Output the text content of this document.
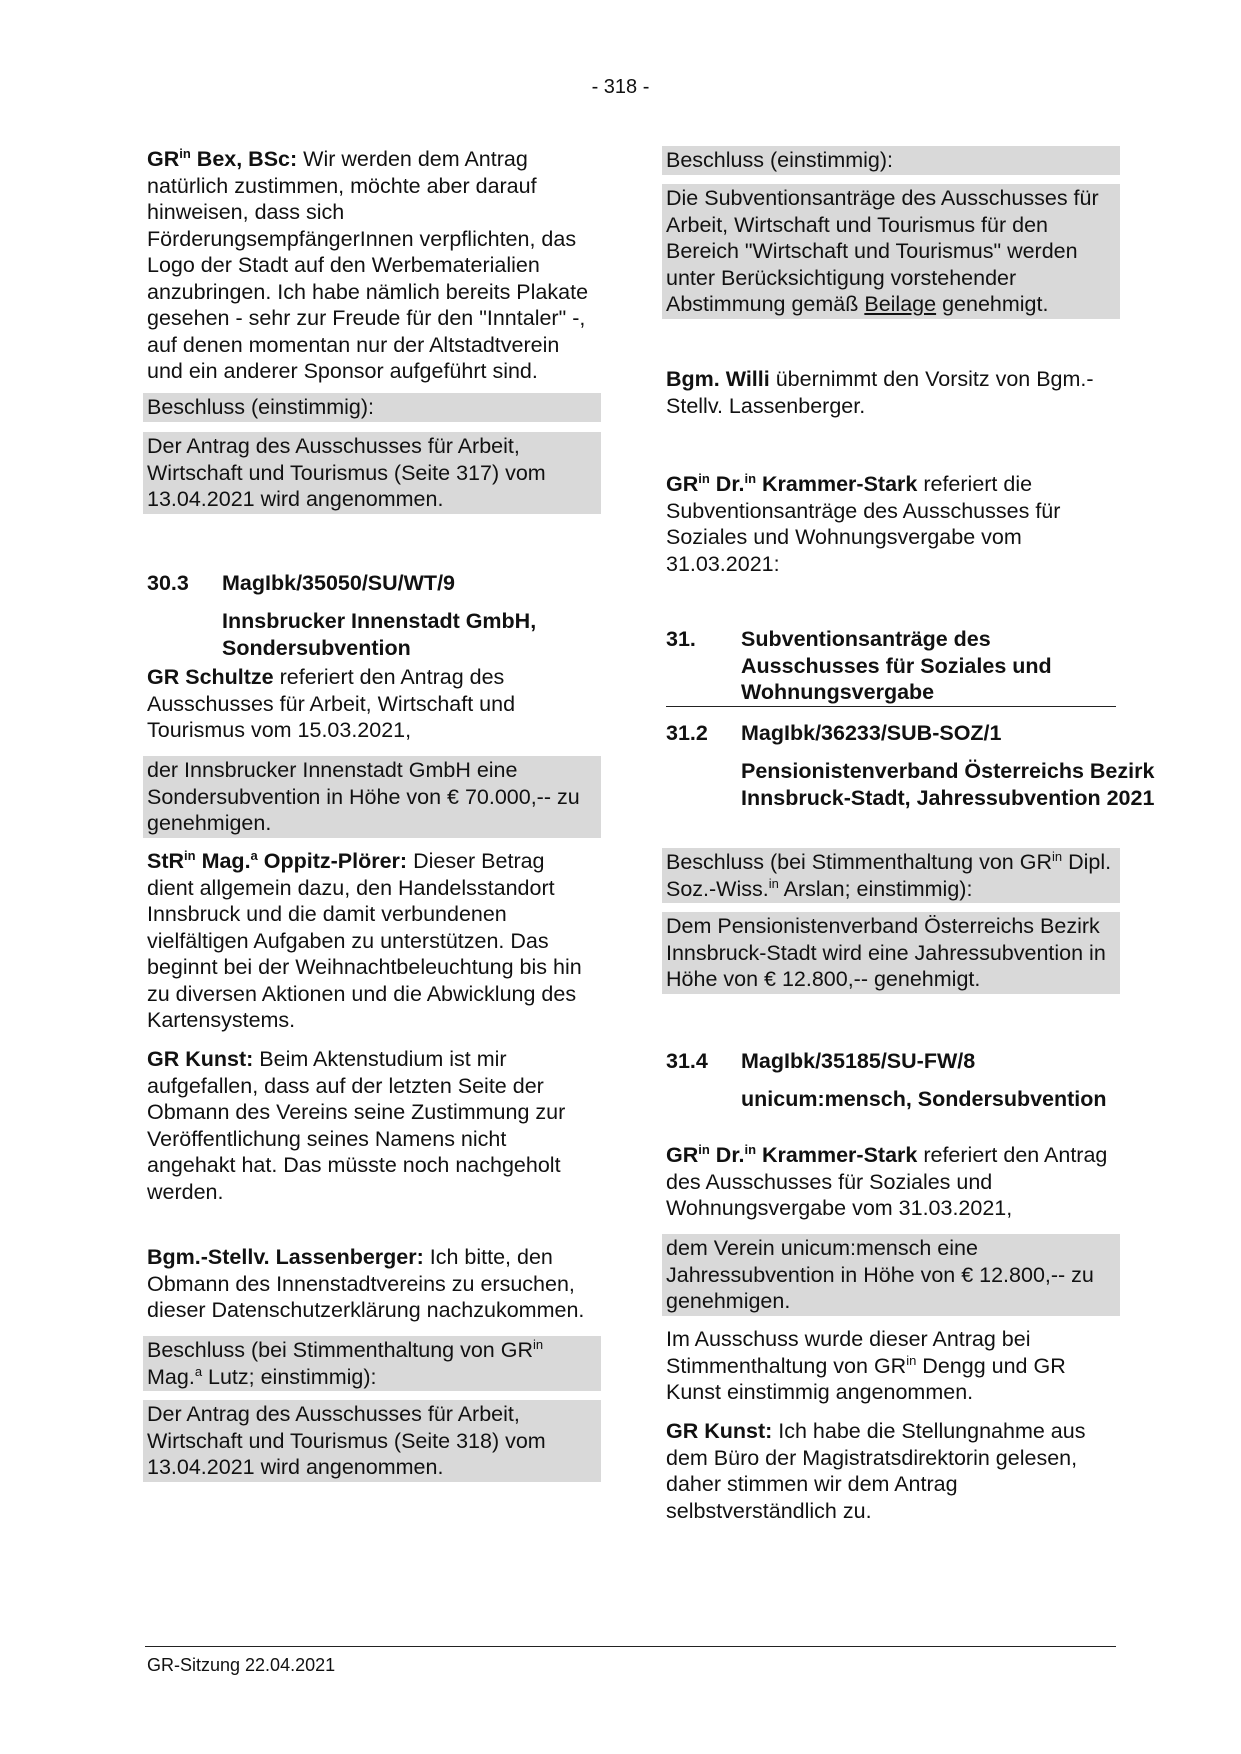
- 318 -

$GR^{in}$ Bex, BSc: Wir werden dem Antrag natürlich zustimmen, möchte aber darauf hinweisen, dass sich FörderungsempfängerInnen verpflichten, das Logo der Stadt auf den Werbematerialien anzubringen. Ich habe nämlich bereits Plakate gesehen - sehr zur Freude für den "Inntaler" -, auf denen momentan nur der Altstadtverein und ein anderer Sponsor aufgeführt sind.

Beschluss (einstimmig):
Der Antrag des Ausschusses für Arbeit, Wirtschaft und Tourismus (Seite 317) vom 13.04.2021 wird angenommen.
30.3	MagIbk/35050/SU/WT/9
Innsbrucker Innenstadt GmbH, Sondersubvention

GR Schultze referiert den Antrag des Ausschusses für Arbeit, Wirtschaft und Tourismus vom 15.03.2021,

der Innsbrucker Innenstadt GmbH eine Sondersubvention in Höhe von € 70.000,-- zu genehmigen.

StR$^{in}$ Mag.$^a$ Oppitz-Plörer: Dieser Betrag dient allgemein dazu, den Handelsstandort Innsbruck und die damit verbundenen vielfältigen Aufgaben zu unterstützen. Das beginnt bei der Weihnachtbeleuchtung bis hin zu diversen Aktionen und die Abwicklung des Kartensystems.

GR Kunst: Beim Aktenstudium ist mir aufgefallen, dass auf der letzten Seite der Obmann des Vereins seine Zustimmung zur Veröffentlichung seines Namens nicht angehakt hat. Das müsste noch nachgeholt werden.

Bgm.-Stellv. Lassenberger: Ich bitte, den Obmann des Innenstadtvereins zu ersuchen, dieser Datenschutzerklärung nachzukommen.

Beschluss (bei Stimmenthaltung von $GR^{in}$ Mag.$^a$ Lutz; einstimmig):
Der Antrag des Ausschusses für Arbeit, Wirtschaft und Tourismus (Seite 318) vom 13.04.2021 wird angenommen.
Beschluss (einstimmig):
Die Subventionsanträge des Ausschusses für Arbeit, Wirtschaft und Tourismus für den Bereich "Wirtschaft und Tourismus" werden unter Berücksichtigung vorstehender Abstimmung gemäß Beilage genehmigt.

Bgm. Willi übernimmt den Vorsitz von Bgm.-Stellv. Lassenberger.

$GR^{in}$ Dr.$^{in}$ Krammer-Stark referiert die Subventionsanträge des Ausschusses für Soziales und Wohnungsvergabe vom 31.03.2021:

31.	Subventionsanträge des Ausschusses für Soziales und Wohnungsvergabe
31.2	MagIbk/36233/SUB-SOZ/1
Pensionistenverband Österreichs Bezirk Innsbruck-Stadt, Jahressubvention 2021
Beschluss (bei Stimmenthaltung von $GR^{in}$ Dipl. Soz.-Wiss.$^{in}$ Arslan; einstimmig):
Dem Pensionistenverband Österreichs Bezirk Innsbruck-Stadt wird eine Jahressubvention in Höhe von € 12.800,-- genehmigt.
31.4	MagIbk/35185/SU-FW/8
unicum:mensch, Sondersubvention

$GR^{in}$ Dr.$^{in}$ Krammer-Stark referiert den Antrag des Ausschusses für Soziales und Wohnungsvergabe vom 31.03.2021,

dem Verein unicum:mensch eine Jahressubvention in Höhe von € 12.800,-- zu genehmigen.

Im Ausschuss wurde dieser Antrag bei Stimmenthaltung von $GR^{in}$ Dengg und GR Kunst einstimmig angenommen.

GR Kunst: Ich habe die Stellungnahme aus dem Büro der Magistratsdirektorin gelesen, daher stimmen wir dem Antrag selbstverständlich zu.

GR-Sitzung 22.04.2021
